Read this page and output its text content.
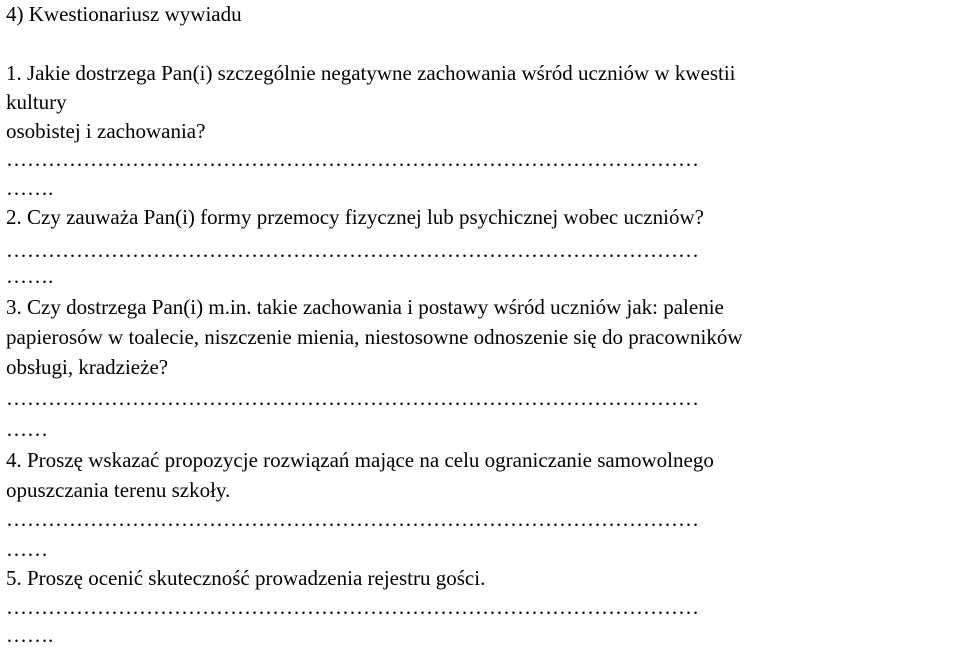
4) Kwestionariusz wywiadu
1. Jakie dostrzega Pan(i) szczególnie negatywne zachowania wśród uczniów w kwestii
kultury
osobistej i zachowania?
………………………………………………………………………………………
…….
2. Czy zauważa Pan(i) formy przemocy fizycznej lub psychicznej wobec uczniów?
………………………………………………………………………………………
…….
3. Czy dostrzega Pan(i) m.in. takie zachowania i postawy wśród uczniów jak: palenie
papierosów w toalecie, niszczenie mienia, niestosowne odnoszenie się do pracowników
obsługi, kradzieże?
………………………………………………………………………………………
……
4. Proszę wskazać propozycje rozwiązań mające na celu ograniczanie samowolnego
opuszczania terenu szkoły.
………………………………………………………………………………………
……
5. Proszę ocenić skuteczność prowadzenia rejestru gości.
………………………………………………………………………………………
…….
